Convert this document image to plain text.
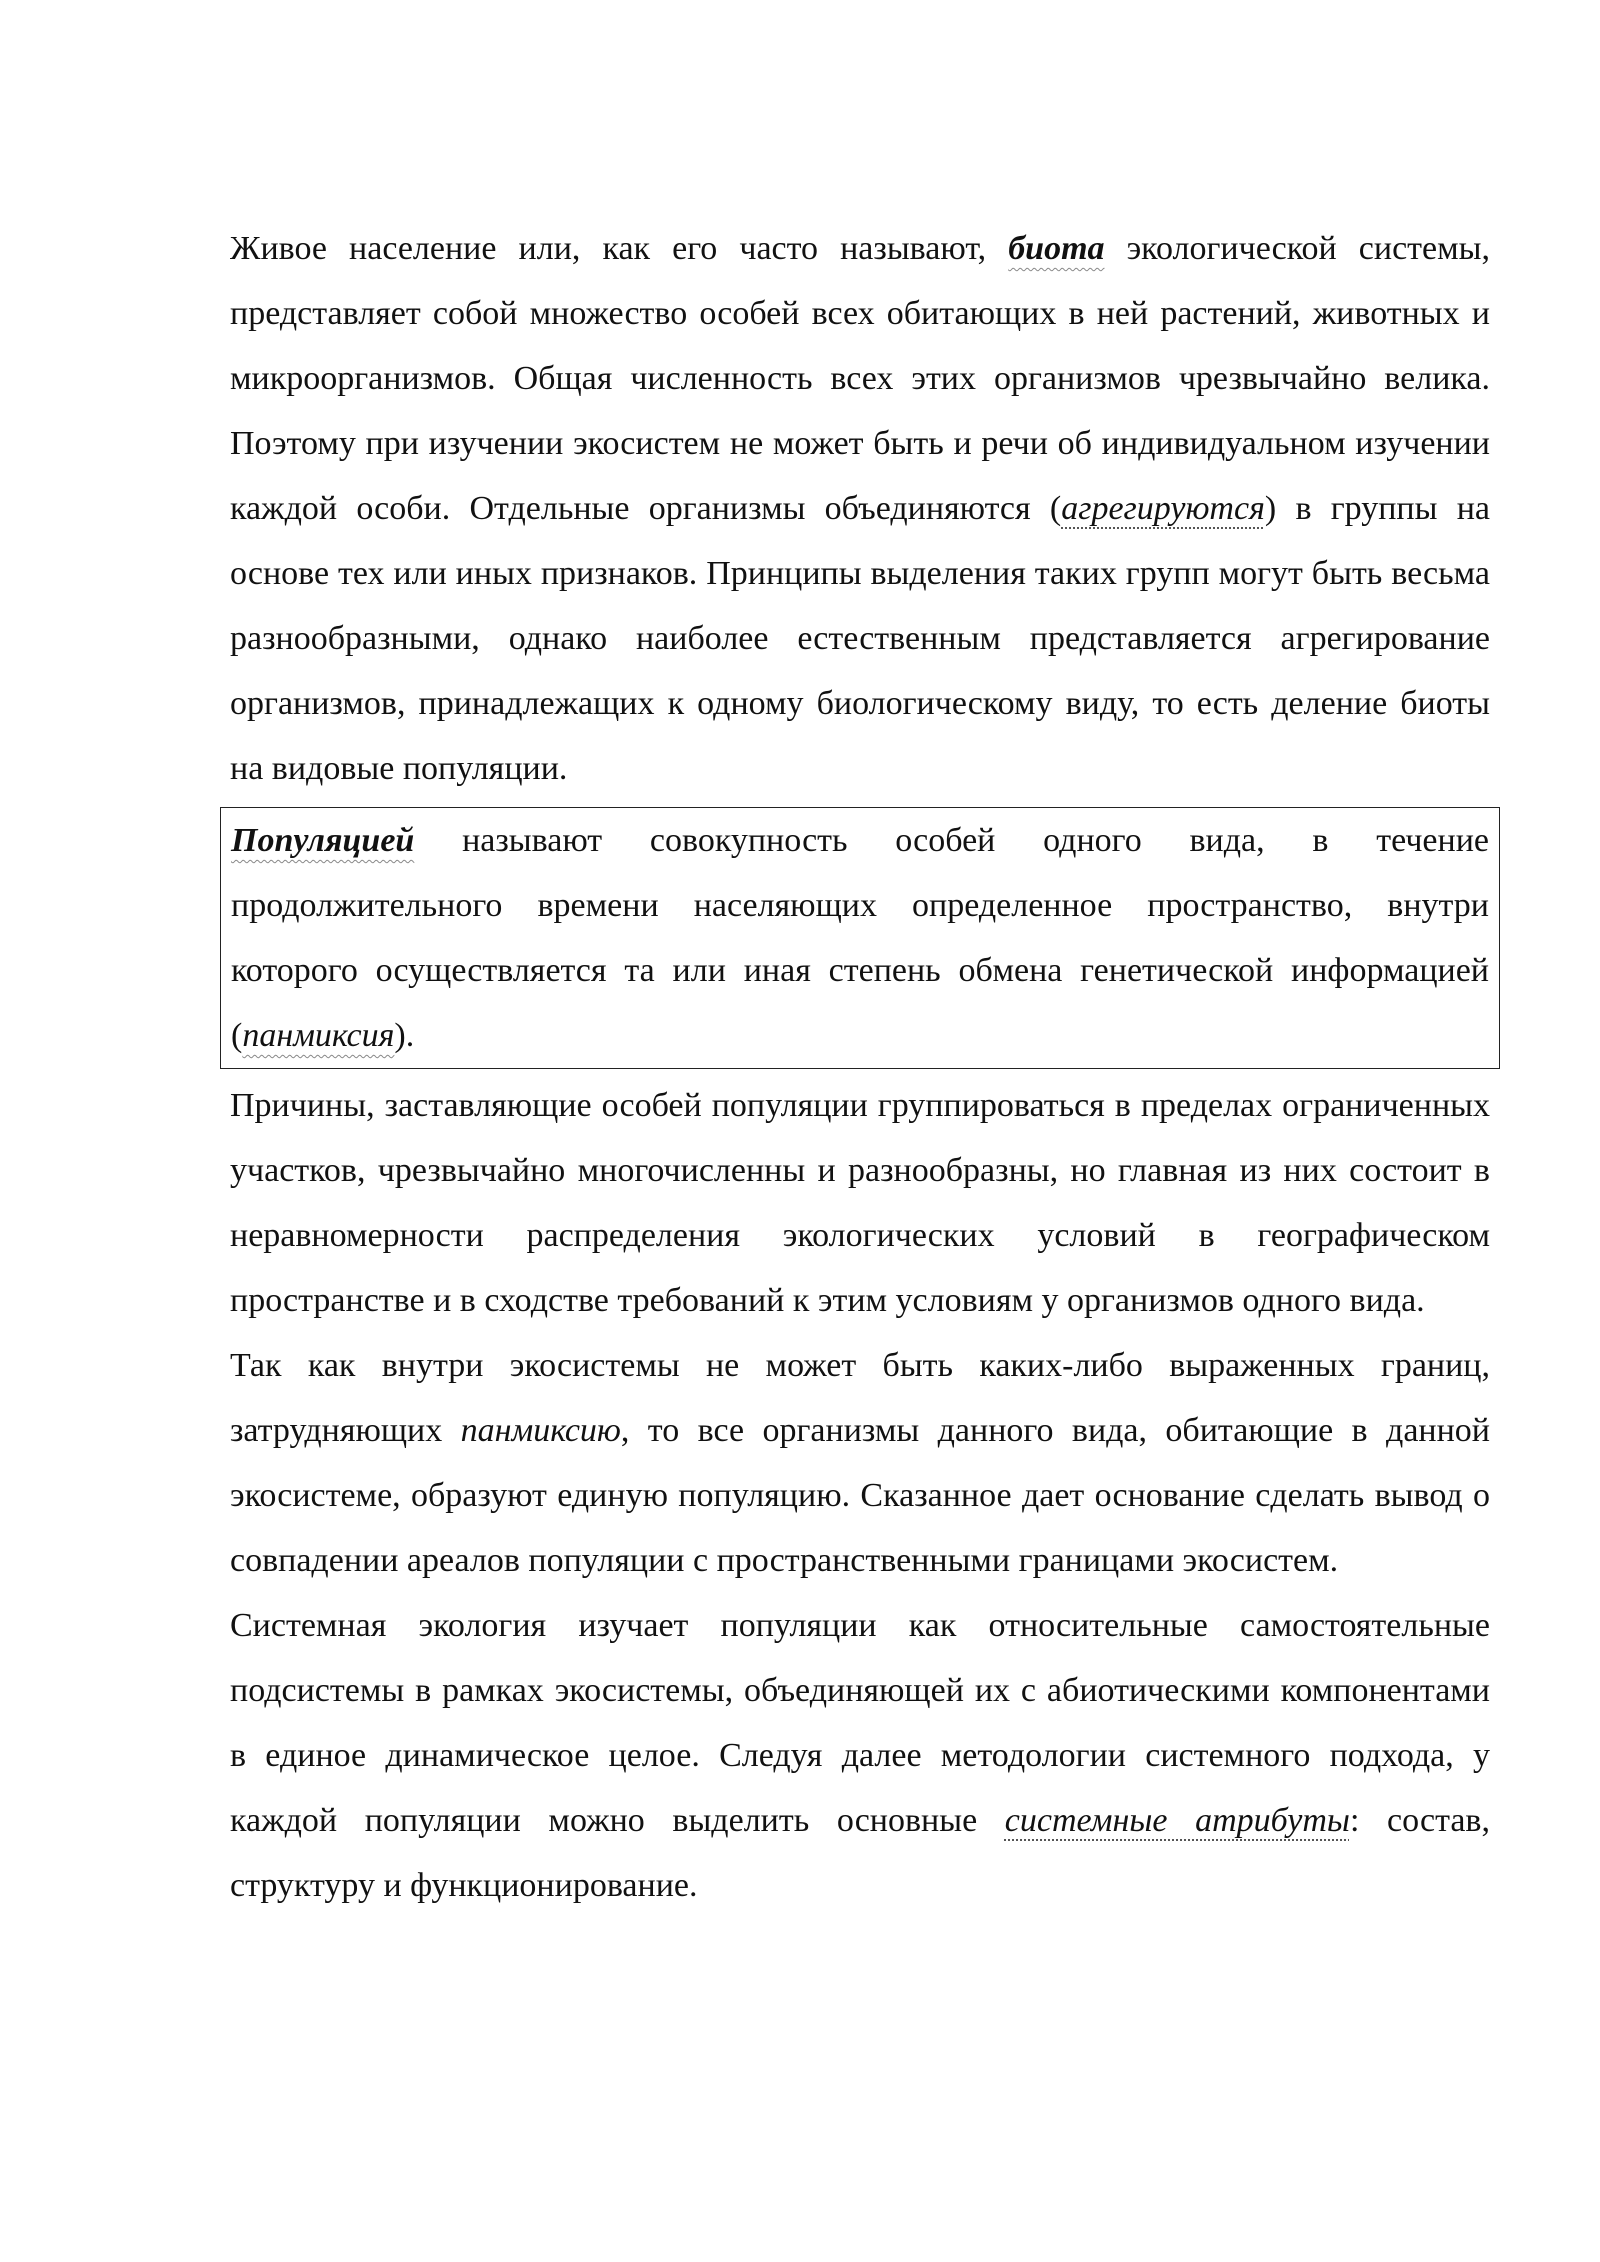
Живое население или, как его часто называют, биота экологической системы, представляет собой множество особей всех обитающих в ней растений, животных и микроорганизмов. Общая численность всех этих организмов чрезвычайно велика. Поэтому при изучении экосистем не может быть и речи об индивидуальном изучении каждой особи. Отдельные организмы объединяются (агрегируются) в группы на основе тех или иных признаков. Принципы выделения таких групп могут быть весьма разнообразными, однако наиболее естественным представляется агрегирование организмов, принадлежащих к одному биологическому виду, то есть деление биоты на видовые популяции.

Популяцией называют совокупность особей одного вида, в течение продолжительного времени населяющих определенное пространство, внутри которого осуществляется та или иная степень обмена генетической информацией (панмиксия).

Причины, заставляющие особей популяции группироваться в пределах ограниченных участков, чрезвычайно многочисленны и разнообразны, но главная из них состоит в неравномерности распределения экологических условий в географическом пространстве и в сходстве требований к этим условиям у организмов одного вида.

Так как внутри экосистемы не может быть каких-либо выраженных границ, затрудняющих панмиксию, то все организмы данного вида, обитающие в данной экосистеме, образуют единую популяцию. Сказанное дает основание сделать вывод о совпадении ареалов популяции с пространственными границами экосистем.

Системная экология изучает популяции как относительные самостоятельные подсистемы в рамках экосистемы, объединяющей их с абиотическими компонентами в единое динамическое целое. Следуя далее методологии системного подхода, у каждой популяции можно выделить основные системные атрибуты: состав, структуру и функционирование.
